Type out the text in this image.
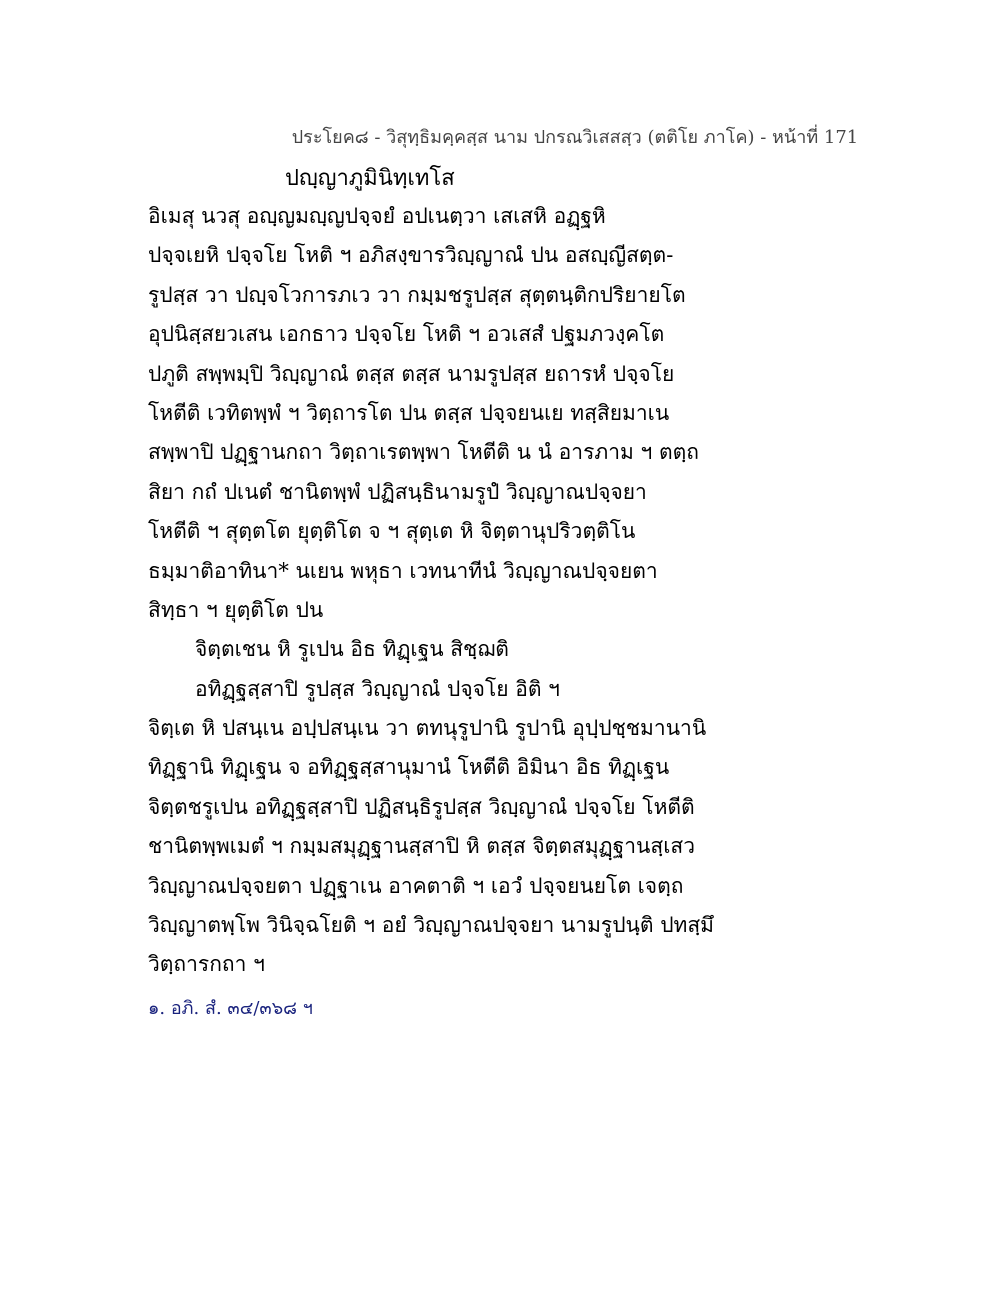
ประโยค๘ - วิสุทฺธิมคฺคสฺส นาม ปกรณวิเสสสฺว (ตติโย ภาโค) - หน้าที่ 171
ปญฺญาภูมินิทฺเทโส
อิเมสุ นวสุ อญฺญมญฺญปจฺจยํ อปเนตฺวา เสเสหิ อฏฺฐหิ
ปจฺจเยหิ ปจฺจโย โหติ ฯ อภิสงฺขารวิญฺญาณํ ปน อสญฺญีสตฺต-
รูปสฺส วา ปญฺจโวการภเว วา กมฺมชรูปสฺส สุตฺตนฺติกปริยายโต
อุปนิสฺสยวเสน เอกธาว ปจฺจโย โหติ ฯ อวเสสํ ปฐมภวงฺคโต
ปภูติ สพฺพมฺปิ วิญฺญาณํ ตสฺส ตสฺส นามรูปสฺส ยถารหํ ปจฺจโย
โหตีติ เวทิตพฺพํ ฯ วิตฺถารโต ปน ตสฺส ปจฺจยนเย ทสฺสิยมาเน
สพฺพาปิ ปฏฺฐานกถา วิตฺถาเรตพฺพา โหตีติ น นํ อารภาม ฯ ตตฺถ
สิยา กถํ ปเนตํ ชานิตพฺพํ ปฏิสนฺธินามรูปํ วิญฺญาณปจฺจยา
โหตีติ ฯ สุตฺตโต ยุตฺติโต จ ฯ สุตฺเต หิ จิตฺตานุปริวตฺติโน
ธมฺมาติอาทินา* นเยน พหุธา เวทนาทีนํ วิญฺญาณปจฺจยตา
สิทฺธา ฯ ยุตฺติโต ปน
จิตฺตเชน หิ รูเปน อิธ ทิฏฺเฐน สิชฺฌติ
อทิฏฺฐสฺสาปิ รูปสฺส วิญฺญาณํ ปจฺจโย อิติ ฯ
จิตฺเต หิ ปสนฺเน อปฺปสนฺเน วา ตทนุรูปานิ รูปานิ อุปฺปชฺชมานานิ
ทิฏฺฐานิ ทิฏฺเฐน จ อทิฏฺฐสฺสานุมานํ โหตีติ อิมินา อิธ ทิฏฺเฐน
จิตฺตชรูเปน อทิฏฺฐสฺสาปิ ปฏิสนฺธิรูปสฺส วิญฺญาณํ ปจฺจโย โหตีติ
ชานิตพฺพเมตํ ฯ กมฺมสมุฏฺฐานสฺสาปิ หิ ตสฺส จิตฺตสมุฏฺฐานสฺเสว
วิญฺญาณปจฺจยตา ปฏฺฐาเน อาคตาติ ฯ เอวํ ปจฺจยนยโต เจตฺถ
วิญฺญาตพฺโพ วินิจฺฉโยติ ฯ อยํ วิญฺญาณปจฺจยา นามรูปนฺติ ปทสฺมึ
วิตฺถารกถา ฯ
๑. อภิ. สํ. ๓๔/๓๖๘ ฯ
